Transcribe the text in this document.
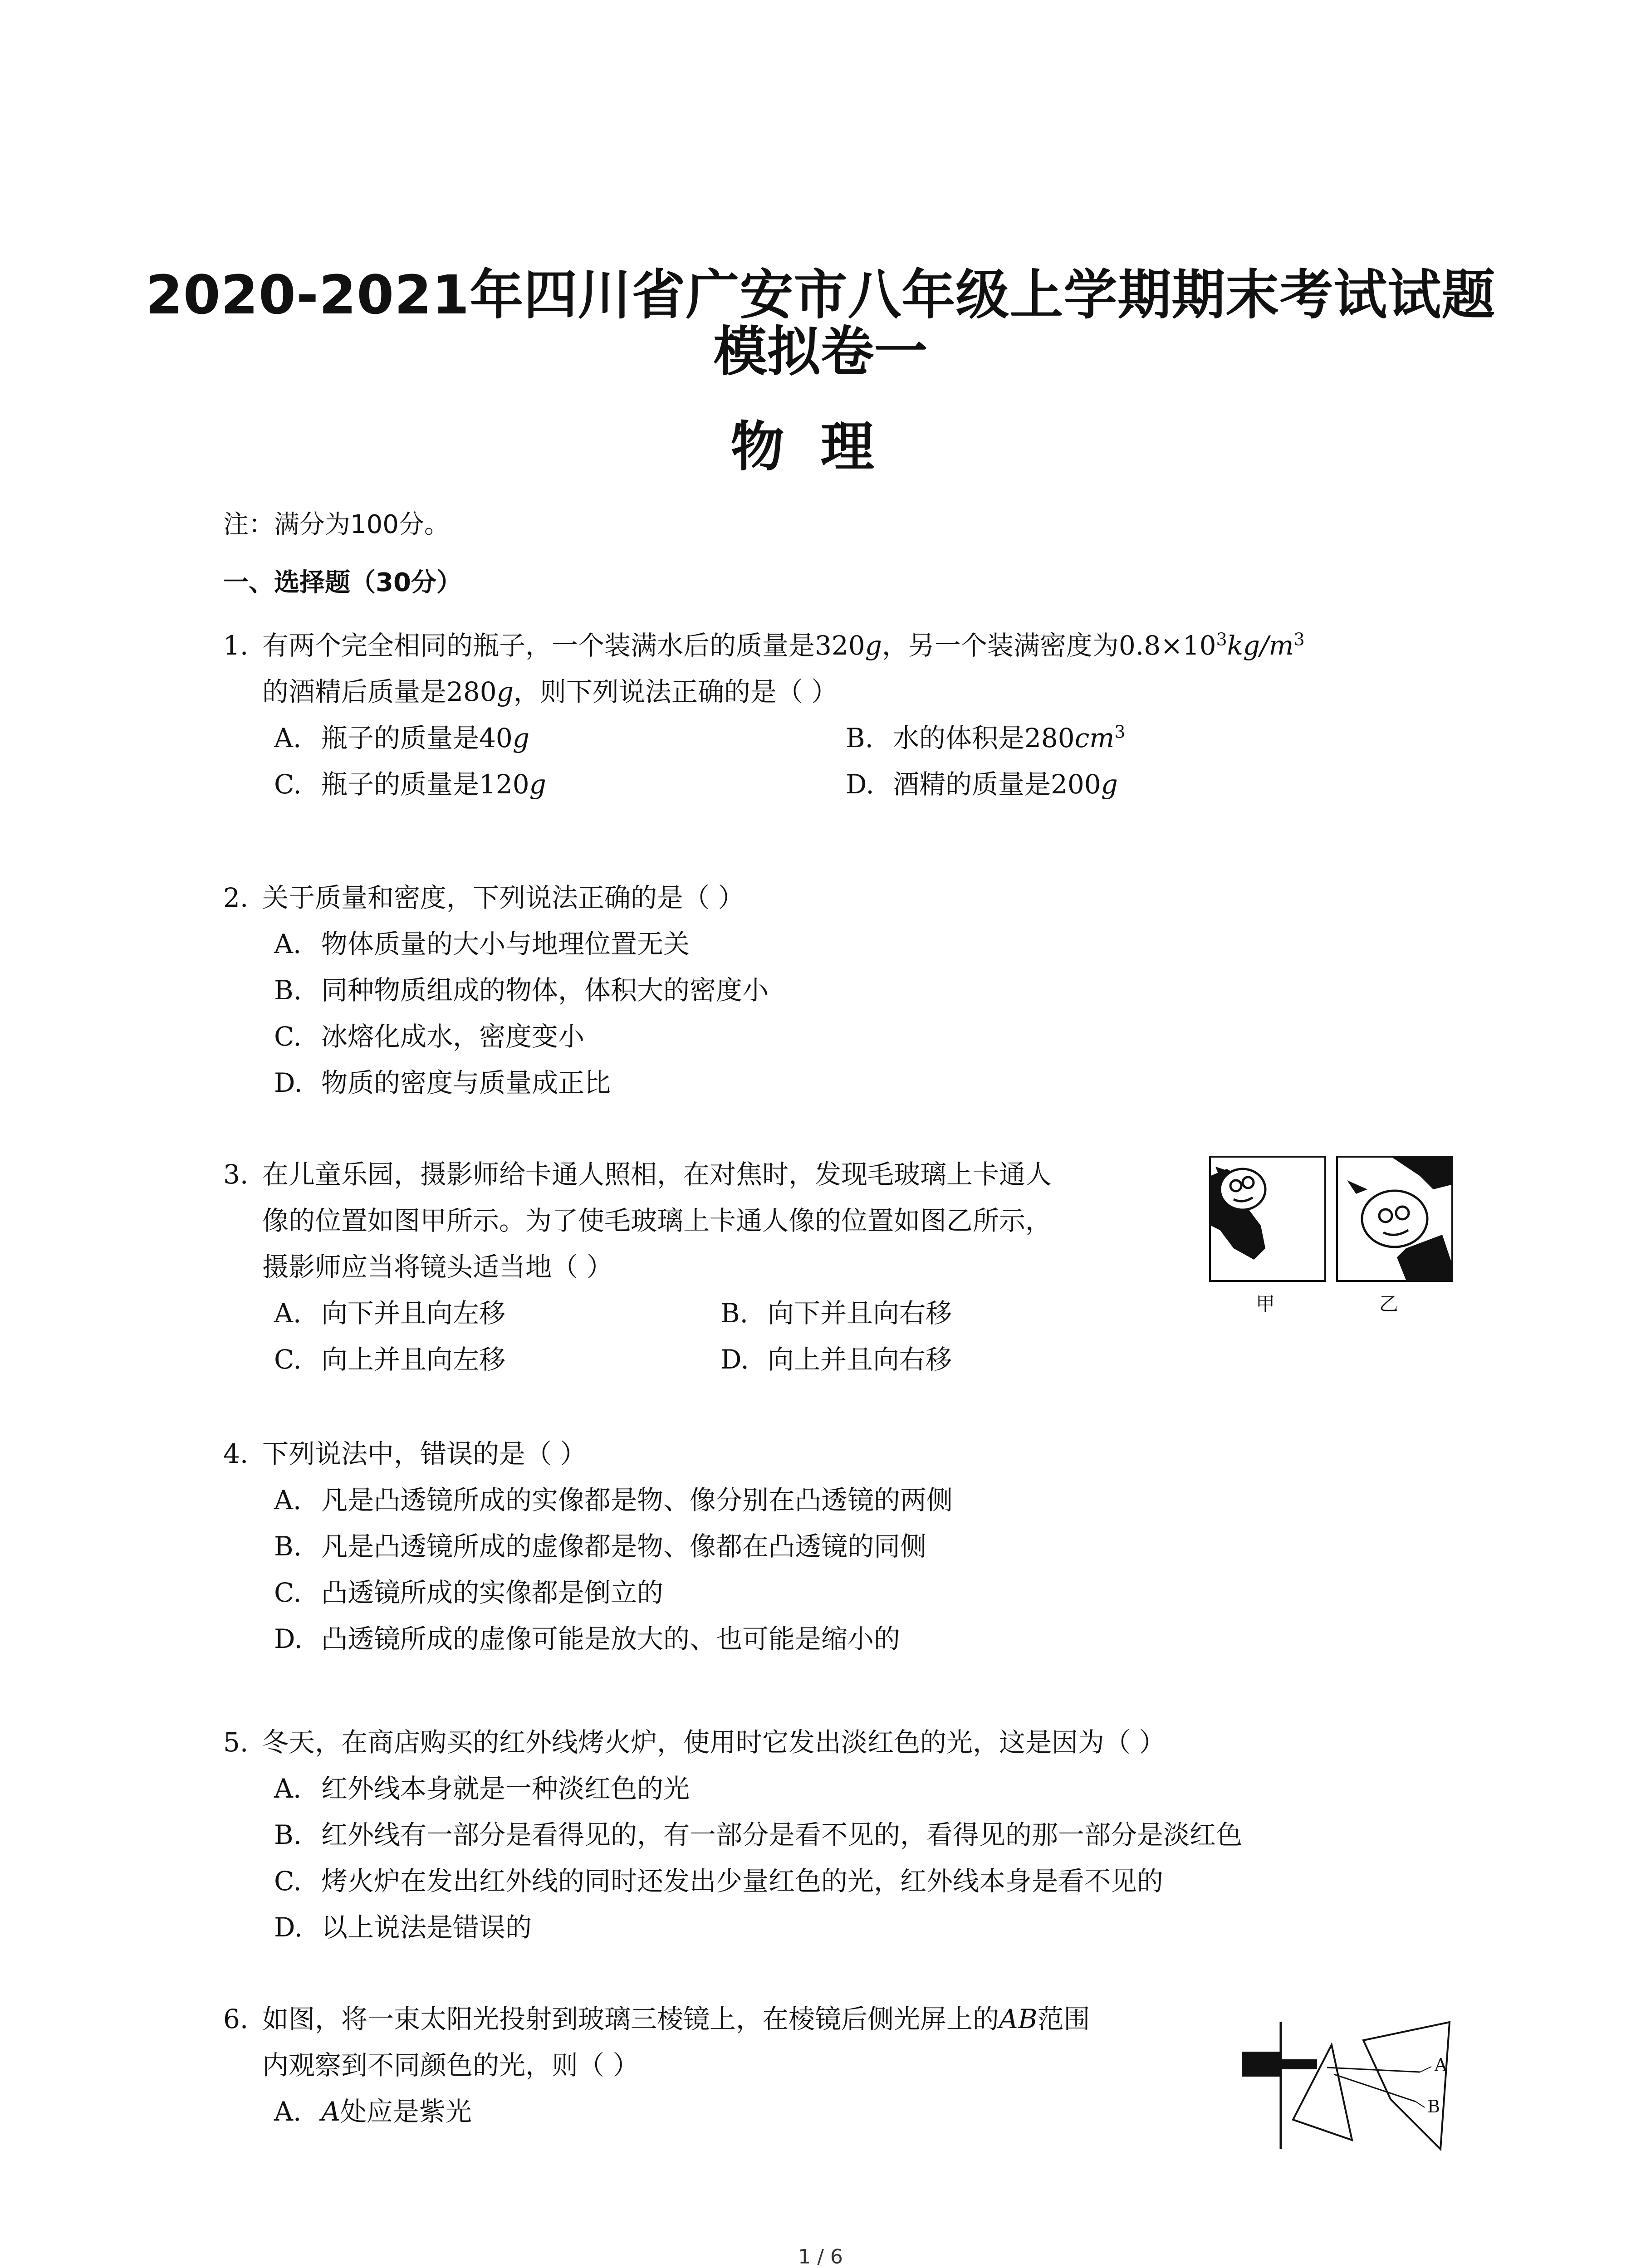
2020-2021年四川省广安市八年级上学期期末考试试题
模拟卷一
物理
注：满分为100分。
一、选择题（30分）
1. 有两个完全相同的瓶子，一个装满水后的质量是320g，另一个装满密度为$0.8\times 10^3kg/m^3$
的酒精后质量是280g，则下列说法正确的是（ ）
A. 瓶子的质量是40g	B. 水的体积是$280cm^3$
C. 瓶子的质量是120g	D. 酒精的质量是200g
2. 关于质量和密度，下列说法正确的是（ ）
A. 物体质量的大小与地理位置无关
B. 同种物质组成的物体，体积大的密度小
C. 冰熔化成水，密度变小
D. 物质的密度与质量成正比
3. 在儿童乐园，摄影师给卡通人照相，在对焦时，发现毛玻璃上卡通人
像的位置如图甲所示。为了使毛玻璃上卡通人像的位置如图乙所示，
摄影师应当将镜头适当地（ ）
A. 向下并且向左移	B. 向下并且向右移
C. 向上并且向左移	D. 向上并且向右移
甲	乙
4. 下列说法中，错误的是（ ）
A. 凡是凸透镜所成的实像都是物、像分别在凸透镜的两侧
B. 凡是凸透镜所成的虚像都是物、像都在凸透镜的同侧
C. 凸透镜所成的实像都是倒立的
D. 凸透镜所成的虚像可能是放大的、也可能是缩小的
5. 冬天，在商店购买的红外线烤火炉，使用时它发出淡红色的光，这是因为（ ）
A. 红外线本身就是一种淡红色的光
B. 红外线有一部分是看得见的，有一部分是看不见的，看得见的那一部分是淡红色
C. 烤火炉在发出红外线的同时还发出少量红色的光，红外线本身是看不见的
D. 以上说法是错误的
6. 如图，将一束太阳光投射到玻璃三棱镜上，在棱镜后侧光屏上的AB范围
内观察到不同颜色的光，则（ ）
A. A处应是紫光
A
B
1 / 6
